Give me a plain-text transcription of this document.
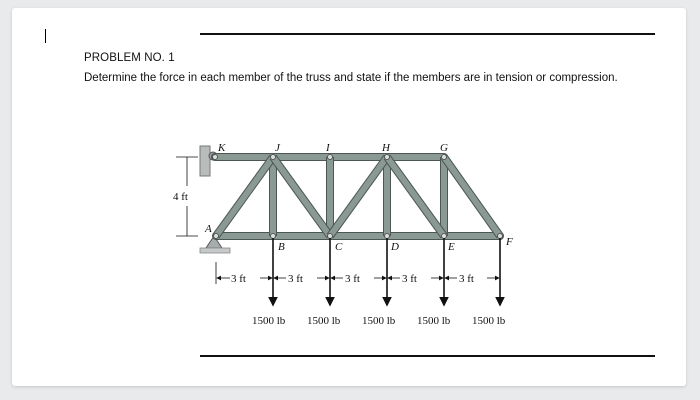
PROBLEM NO. 1
Determine the force in each member of the truss and state if the members are in tension or compression.
K	J	I	H	G
A
B	C	D	E	F
4 ft
3 ft	3 ft	3 ft	3 ft	3 ft
1500 lb 1500 lb 1500 lb 1500 lb 1500 lb
